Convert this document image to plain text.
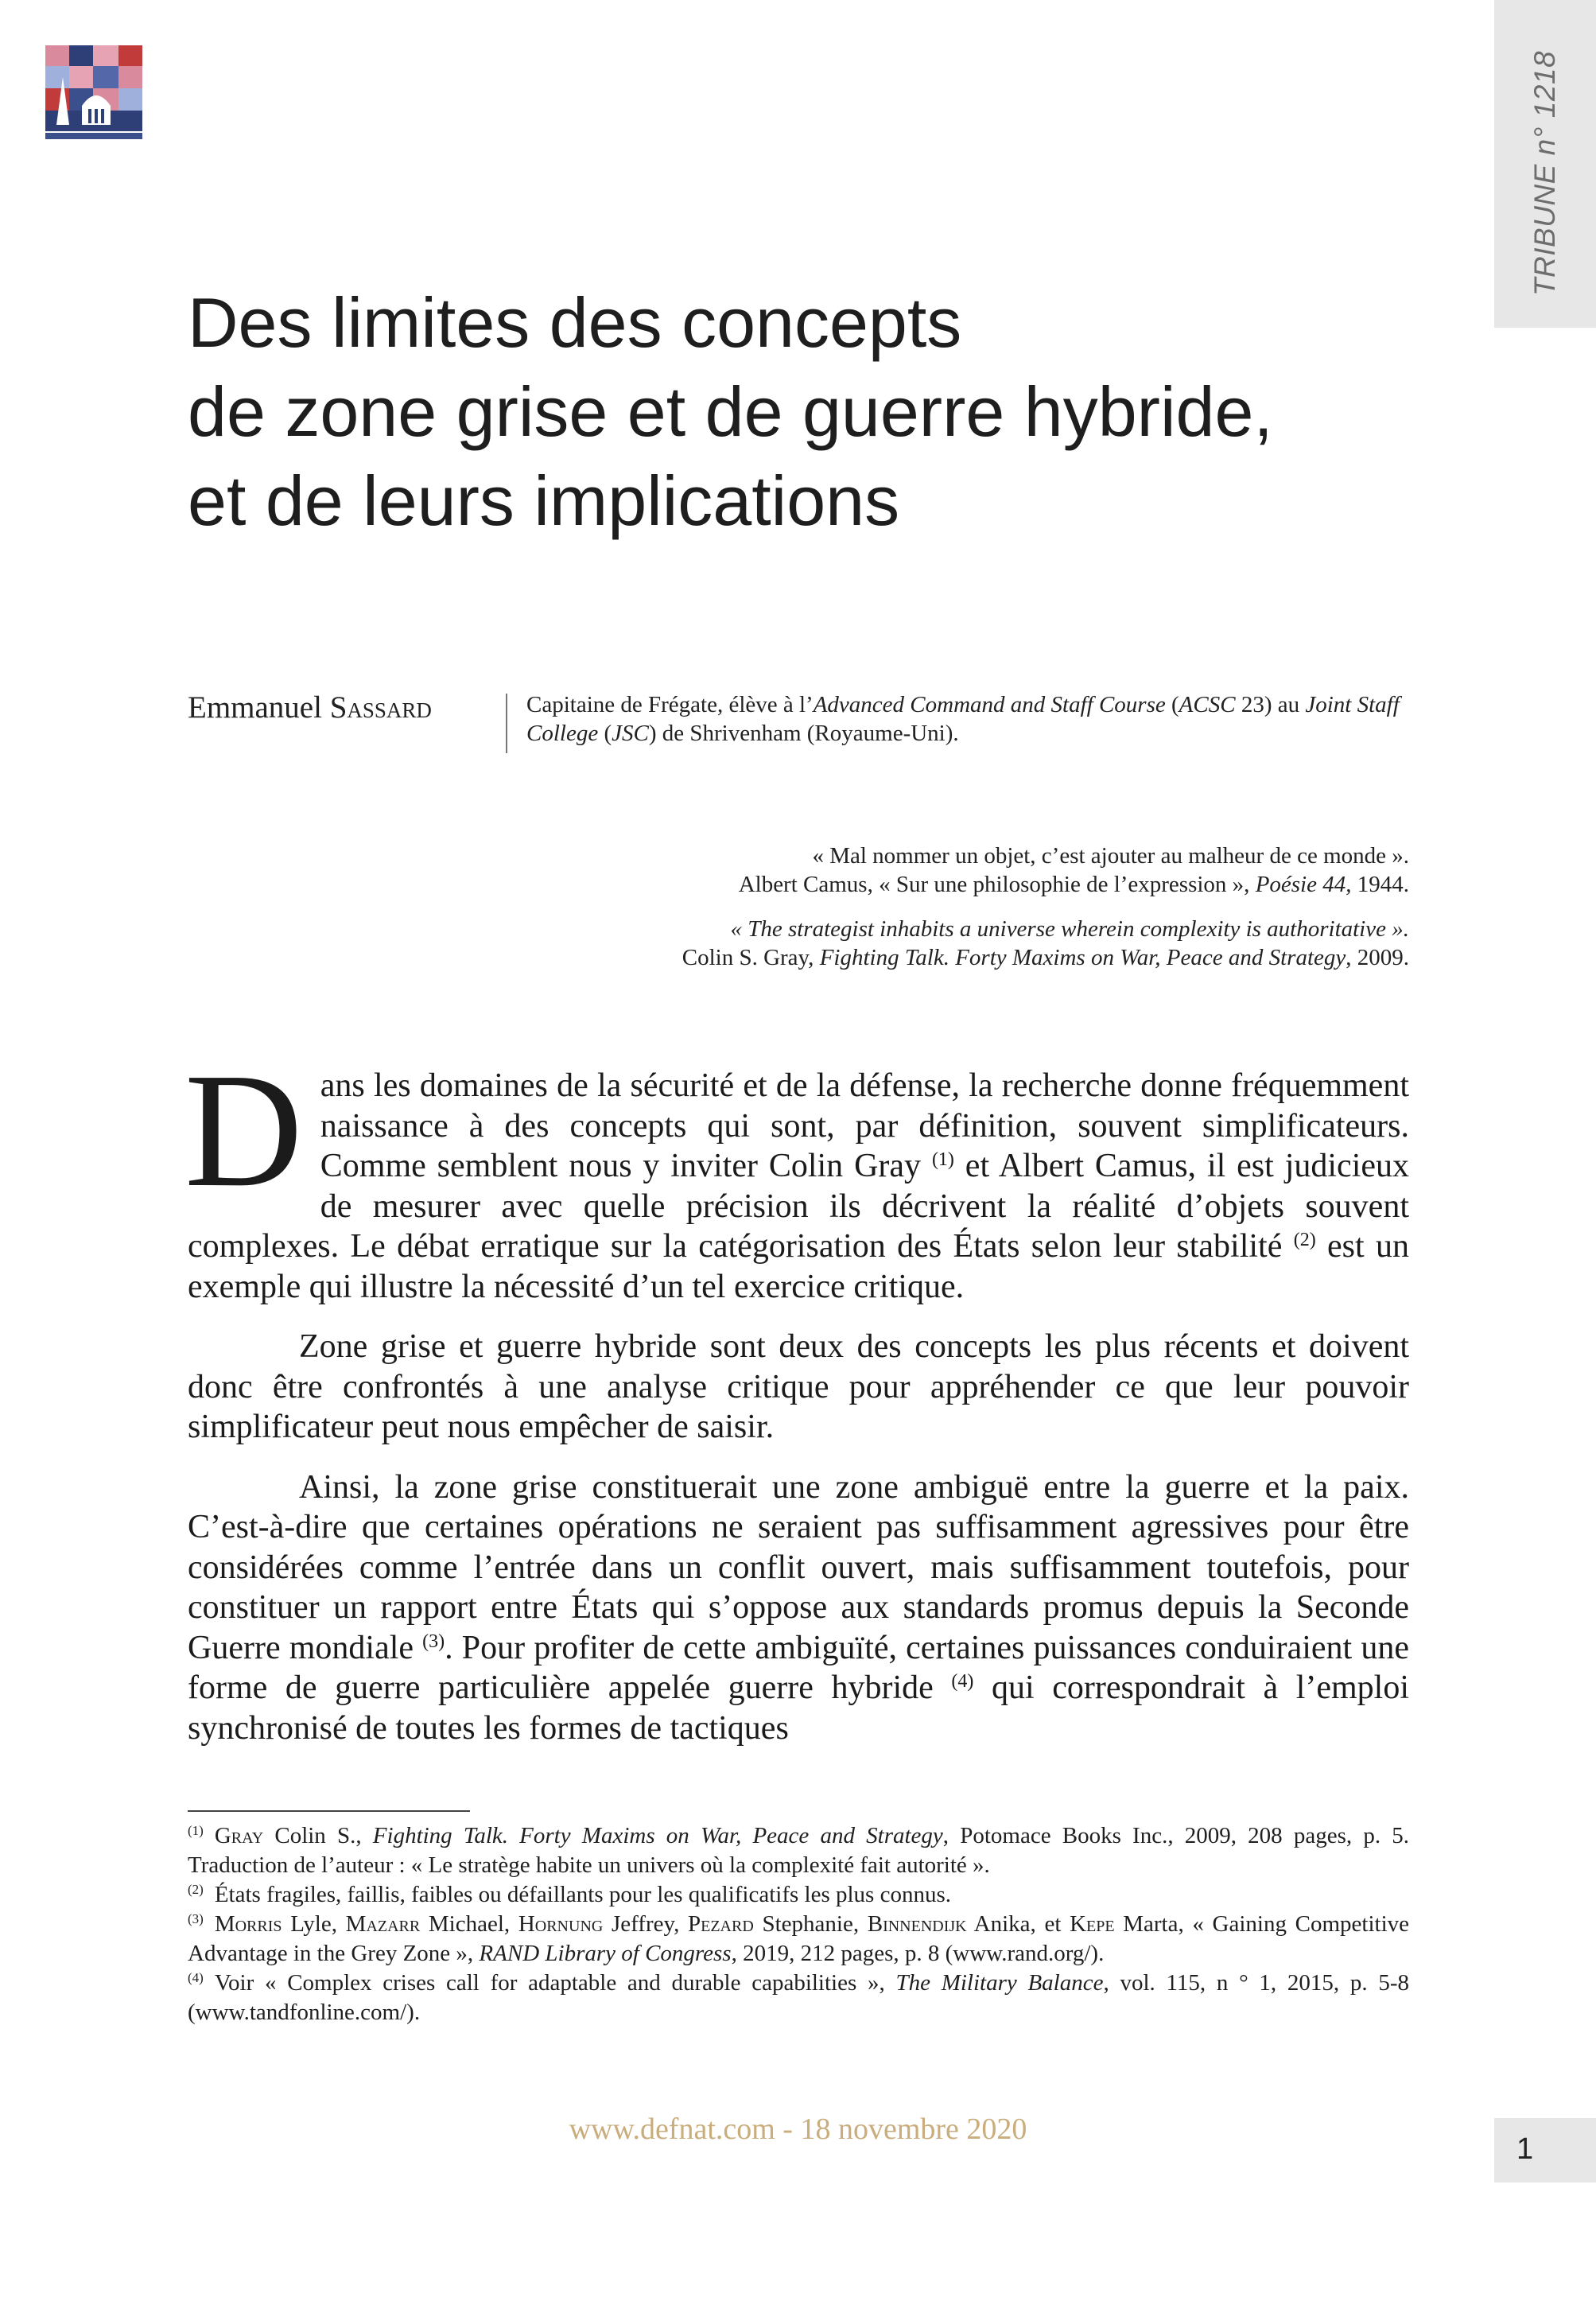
TRIBUNE n° 1218
Des limites des concepts
de zone grise et de guerre hybride,
et de leurs implications
Emmanuel Sassard	Capitaine de Frégate, élève à l’Advanced Command and Staff Course (ACSC 23) au Joint Staff College (JSC) de Shrivenham (Royaume-Uni).

« Mal nommer un objet, c’est ajouter au malheur de ce monde ».

Albert Camus, « Sur une philosophie de l’expression », Poésie 44, 1944.

« The strategist inhabits a universe wherein complexity is authoritative ».

Colin S. Gray, Fighting Talk. Forty Maxims on War, Peace and Strategy, 2009.

Dans les domaines de la sécurité et de la défense, la recherche donne fréquemment naissance à des concepts qui sont, par définition, souvent simplificateurs. Comme semblent nous y inviter Colin Gray $^{(1)}$ et Albert Camus, il est judicieux de mesurer avec quelle précision ils décrivent la réalité d’objets souvent complexes. Le débat erratique sur la catégorisation des États selon leur stabilité $^{(2)}$ est un exemple qui illustre la nécessité d’un tel exercice critique.

Zone grise et guerre hybride sont deux des concepts les plus récents et doivent donc être confrontés à une analyse critique pour appréhender ce que leur pouvoir simplificateur peut nous empêcher de saisir.

Ainsi, la zone grise constituerait une zone ambiguë entre la guerre et la paix. C’est-à-dire que certaines opérations ne seraient pas suffisamment agressives pour être considérées comme l’entrée dans un conflit ouvert, mais suffisamment toutefois, pour constituer un rapport entre États qui s’oppose aux standards promus depuis la Seconde Guerre mondiale $^{(3)}$. Pour profiter de cette ambiguïté, certaines puissances conduiraient une forme de guerre particulière appelée guerre hybride $^{(4)}$ qui correspondrait à l’emploi synchronisé de toutes les formes de tactiques

$^{(1)}$ Gray Colin S., Fighting Talk. Forty Maxims on War, Peace and Strategy, Potomace Books Inc., 2009, 208 pages, p. 5. Traduction de l’auteur : « Le stratège habite un univers où la complexité fait autorité ».
$^{(2)}$ États fragiles, faillis, faibles ou défaillants pour les qualificatifs les plus connus.
$^{(3)}$ Morris Lyle, Mazarr Michael, Hornung Jeffrey, Pezard Stephanie, Binnendijk Anika, et Kepe Marta, « Gaining Competitive Advantage in the Grey Zone », RAND Library of Congress, 2019, 212 pages, p. 8 (www.rand.org/).
$^{(4)}$ Voir « Complex crises call for adaptable and durable capabilities », The Military Balance, vol. 115, n ° 1, 2015, p. 5-8 (www.tandfonline.com/).
www.defnat.com - 18 novembre 2020
1
